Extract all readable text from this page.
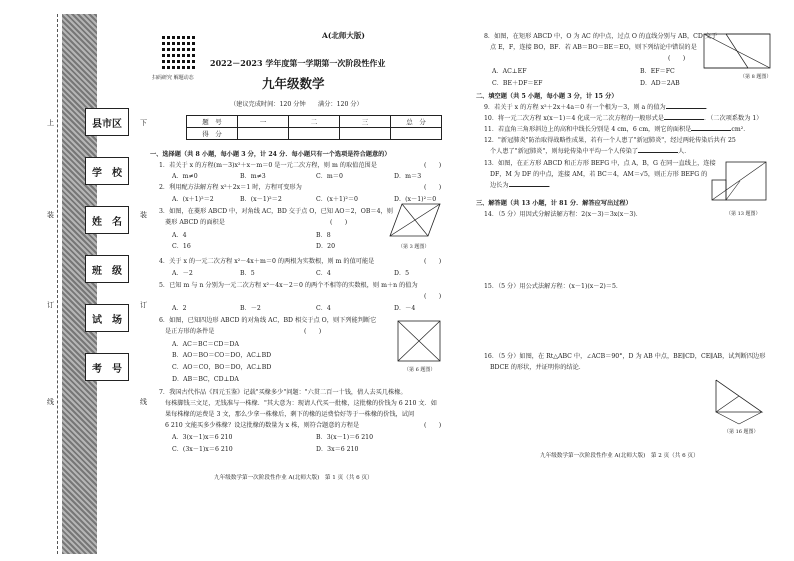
县市区
学　校
姓　名
班　级
试　场
考　号
上
装
订
线
下
装
订
线
扫码研究 解题动态
A(北师大版)
2022－2023 学年度第一学期第一次阶段性作业
九年级数学
（建议完成时间：120 分钟　　满分：120 分）
题　号	一	二	三	总　分
得　分				
一、选择题（共 8 小题，每小题 3 分，计 24 分．每小题只有一个选项是符合题意的）
1．若关于 x 的方程(m－3)x²＋x－m＝0 是一元二次方程，则 m 的取值范围是	(　　)
A．m≠0	B．m≠3	C．m＝0	D．m＝3
2．利用配方法解方程 x²＋2x＝1 时，方程可变形为	(　　)
A．(x＋1)²＝2	B．(x－1)²＝2	C．(x＋1)²＝0	D．(x－1)²＝0
3．如图，在菱形 ABCD 中，对角线 AC，BD 交于点 O，已知 AO＝2，OB＝4，则
菱形 ABCD 的面积是	(　　)
A．4	B．8
C．16	D．20	（第 3 题图）
4．关于 x 的一元二次方程 x²－4x＋m＝0 的两根为实数根，则 m 的值可能是	(　　)
A．－2	B．5	C．4	D．5
5．已知 m 与 n 分别为一元二次方程 x²－4x－2＝0 的两个不相等的实数根，则 m＋n 的值为
(　　)
A．2	B．－2	C．4	D．－4
6．如图，已知四边形 ABCD 的对角线 AC，BD 相交于点 O，则下列能判断它
是正方形的条件是	(　　)
A．AC＝BC＝CD＝DA
B．AO＝BO＝CO＝DO，AC⊥BD
C．AO＝CO，BO＝DO，AC⊥BD
D．AB＝BC，CD⊥DA
（第 6 题图）
7．我国古代作品《四元玉鉴》记载"买椽多少"问题："六贯二百一十钱，倩人去买几株椽。
每株脚钱三文足，无钱准与一株椽．"其大意为：现请人代买一批椽，这批椽的价钱为 6 210 文．如
果每株椽的运费是 3 文，那么少拿一株椽后，剩下的椽的运费恰好等于一株椽的价钱，试问
6 210 文能买多少株椽？设这批椽的数量为 x 株，则符合题意的方程是	(　　)
A．3(x－1)x＝6 210	B．3(x－1)＝6 210
C．(3x－1)x＝6 210	D．3x＝6 210
九年级数学第一次阶段性作业 A(北师大版)　第 1 页（共 6 页）
8．如图，在矩形 ABCD 中，O 为 AC 的中点，过点 O 的直线分别与 AB，CD 交于
点 E，F，连接 BO，BF．若 AB＝BO＝BE＝EO，则下列结论中错误的是
(　　)
（第 8 题图）
A．AC⊥EF	B．EF＝FC
C．BE＋DF＝EF	D．AD＝2AB
二、填空题（共 5 小题，每小题 3 分，计 15 分）
9．若关于 x 的方程 x²＋2x＋4a＝0 有一个根为－3，则 a 的值为	．
10．将一元二次方程 x(x－1)＝4 化成一元二次方程的一般形式是	．（二次项系数为 1）
11．若直角三角形斜边上的高和中线长分别是 4 cm，6 cm，则它的面积是	cm²．
12．"新冠肺炎"防治取得战略性成果，若有一个人患了"新冠肺炎"，经过两轮传染后共有 25
个人患了"新冠肺炎"，则每轮传染中平均一个人传染了	人．
13．如图，在正方形 ABCD 和正方形 BEFG 中，点 A，B，G 在同一直线上，连接
DF，M 为 DF 的中点，连接 AM，若 BC＝4，AM＝√5，则正方形 BEFG 的
边长为	．
（第 13 题图）
三、解答题（共 13 小题，计 81 分．解答应写出过程）
14．（5 分）用因式分解法解方程：2(x－3)＝3x(x－3)．
15．（5 分）用公式法解方程：(x－1)(x－2)＝5．
16．（5 分）如图，在 Rt△ABC 中，∠ACB＝90°，D 为 AB 中点，BE∥CD，CE∥AB，试判断四边形
BDCE 的形状，并证明你的结论．
（第 16 题图）
九年级数学第一次阶段性作业 A(北师大版)　第 2 页（共 6 页）
